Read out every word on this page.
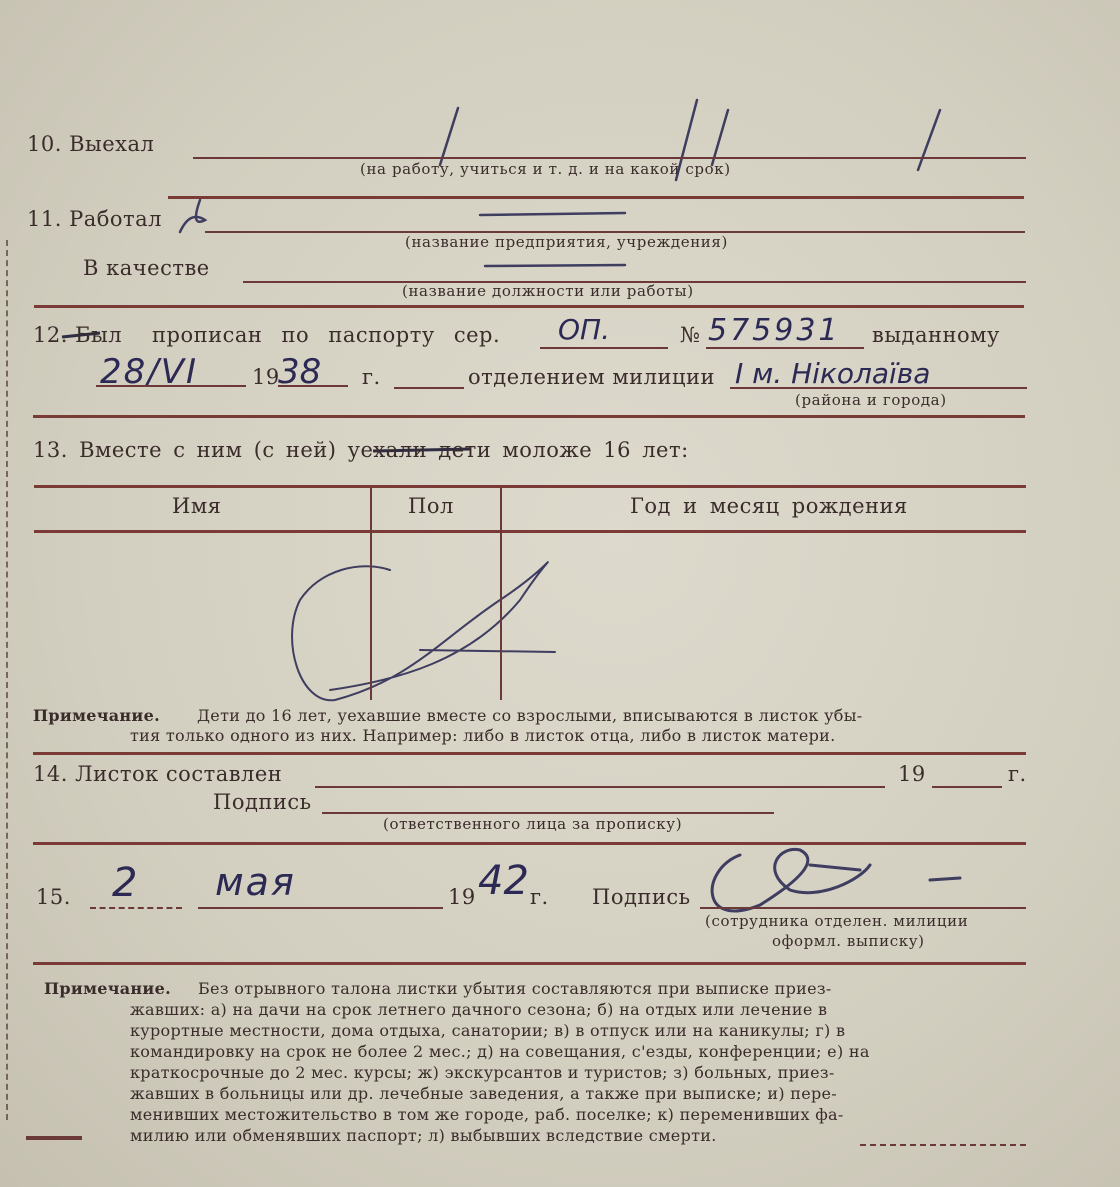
10. Выехал
(на работу, учиться и т. д. и на какой срок)
11. Работал
(название предприятия, учреждения)
В качестве
(название должности или работы)
12. Был прописан по паспорту сер. ОП.	№ 575931 выданному
28/VI	19
38 г.	отделением милиции I м. Ніколаїва
(района и города)
13. Вместе с ним (с ней) уехали дети моложе 16 лет:
Имя	Пол	Год и месяц рождения
Примечание. Дети до 16 лет, уехавшие вместе со взрослыми, вписываются в листок убы-
тия только одного из них. Например: либо в листок отца, либо в листок матери.
14. Листок составлен	19	г.
Подпись
(ответственного лица за прописку)
15. 2 мая	19 42 г. Подпись
(сотрудника отделен. милиции
оформл. выписку)
Примечание. Без отрывного талона листки убытия составляются при выписке приез-
жавших: а) на дачи на срок летнего дачного сезона; б) на отдых или лечение в
курортные местности, дома отдыха, санатории; в) в отпуск или на каникулы; г) в
командировку на срок не более 2 мес.; д) на совещания, с'езды, конференции; е) на
краткосрочные до 2 мес. курсы; ж) экскурсантов и туристов; з) больных, приез-
жавших в больницы или др. лечебные заведения, а также при выписке; и) пере-
менивших местожительство в том же городе, раб. поселке; к) переменивших фа-
милию или обменявших паспорт; л) выбывших вследствие смерти.
